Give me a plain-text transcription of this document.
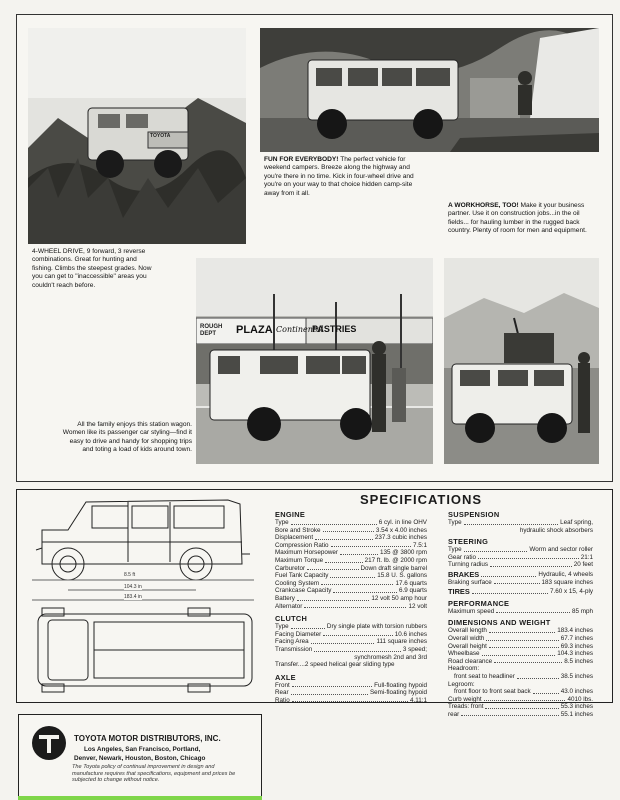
TOYOTA
FUN FOR EVERYBODY! The perfect vehicle for weekend campers. Breeze along the highway and you're there in no time. Kick in four-wheel drive and you're on your way to that choice hidden camp-site away from it all.
A WORKHORSE, TOO! Make it your business partner. Use it on construction jobs...in the oil fields... for hauling lumber in the rugged back country. Plenty of room for men and equipment.
4-WHEEL DRIVE, 9 forward, 3 reverse combinations. Great for hunting and fishing. Climbs the steepest grades. Now you can get to "inaccessible" areas you couldn't reach before.
ROUGH DEPT	PLAZA Continental
PASTRIES
All the family enjoys this station wagon. Women like its passenger car styling—find it easy to drive and handy for shopping trips and toting a load of kids around town.
8.5 ft
104.3 in
183.4 in
SPECIFICATIONS
ENGINE
Type	6 cyl. in line OHV
Bore and Stroke	3.54 x 4.00 inches
Displacement	237.3 cubic inches
Compression Ratio	7.5:1
Maximum Horsepower	135 @ 3800 rpm
Maximum Torque	217 ft. lb. @ 2000 rpm
Carburetor	Down draft single barrel
Fuel Tank Capacity	15.8 U. S. gallons
Cooling System	17.6 quarts
Crankcase Capacity	6.9 quarts
Battery	12 volt 50 amp hour
Alternator	12 volt
CLUTCH
Type	Dry single plate with torsion rubbers
Facing Diameter	10.6 inches
Facing Area	111 square inches
Transmission	3 speed;
synchromesh 2nd and 3rd
Transfer....2 speed helical gear sliding type
AXLE
Front	Full-floating hypoid
Rear	Semi-floating hypoid
Ratio	4.11:1
SUSPENSION
Type	Leaf spring,
hydraulic shock absorbers
STEERING
Type	Worm and sector roller
Gear ratio	21:1
Turning radius	20 feet
BRAKES	Hydraulic, 4 wheels
Braking surface	183 square inches
TIRES	7.60 x 15, 4-ply
PERFORMANCE
Maximum speed	85 mph
DIMENSIONS AND WEIGHT
Overall length	183.4 inches
Overall width	67.7 inches
Overall height	69.3 inches
Wheelbase	104.3 inches
Road clearance	8.5 inches
Headroom:
front seat to headliner	38.5 inches
Legroom:
front floor to front seat back	43.0 inches
Curb weight	4010 lbs.
Treads: front	55.3 inches
rear	55.1 inches
TOYOTA MOTOR DISTRIBUTORS, INC.
Los Angeles, San Francisco, Portland,
Denver, Newark, Houston, Boston, Chicago
The Toyota policy of continual improvement in design and manufacture requires that specifications, equipment and prices be subjected to change without notice.
